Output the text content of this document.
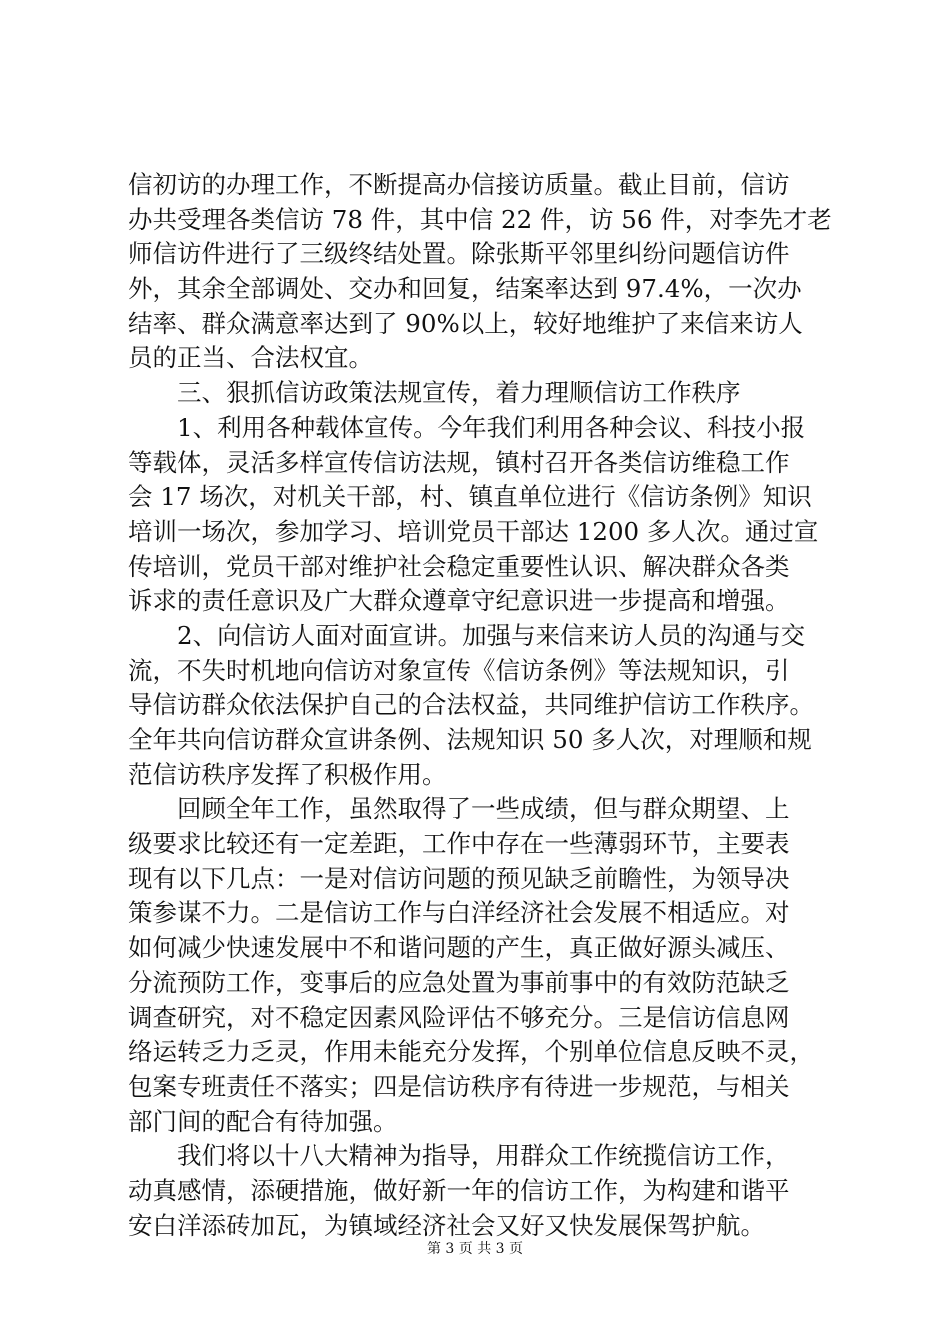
信初访的办理工作，不断提高办信接访质量。截止目前，信访
办共受理各类信访 78 件，其中信 22 件，访 56 件，对李先才老
师信访件进行了三级终结处置。除张斯平邻里纠纷问题信访件
外，其余全部调处、交办和回复，结案率达到 97.4%，一次办
结率、群众满意率达到了 90%以上，较好地维护了来信来访人
员的正当、合法权宜。
　　三、狠抓信访政策法规宣传，着力理顺信访工作秩序
　　1、利用各种载体宣传。今年我们利用各种会议、科技小报
等载体，灵活多样宣传信访法规，镇村召开各类信访维稳工作
会 17 场次，对机关干部，村、镇直单位进行《信访条例》知识
培训一场次，参加学习、培训党员干部达 1200 多人次。通过宣
传培训，党员干部对维护社会稳定重要性认识、解决群众各类
诉求的责任意识及广大群众遵章守纪意识进一步提高和增强。
　　2、向信访人面对面宣讲。加强与来信来访人员的沟通与交
流，不失时机地向信访对象宣传《信访条例》等法规知识，引
导信访群众依法保护自己的合法权益，共同维护信访工作秩序。
全年共向信访群众宣讲条例、法规知识 50 多人次，对理顺和规
范信访秩序发挥了积极作用。
　　回顾全年工作，虽然取得了一些成绩，但与群众期望、上
级要求比较还有一定差距，工作中存在一些薄弱环节，主要表
现有以下几点：一是对信访问题的预见缺乏前瞻性，为领导决
策参谋不力。二是信访工作与白洋经济社会发展不相适应。对
如何减少快速发展中不和谐问题的产生，真正做好源头减压、
分流预防工作，变事后的应急处置为事前事中的有效防范缺乏
调查研究，对不稳定因素风险评估不够充分。三是信访信息网
络运转乏力乏灵，作用未能充分发挥，个别单位信息反映不灵，
包案专班责任不落实；四是信访秩序有待进一步规范，与相关
部门间的配合有待加强。
　　我们将以十八大精神为指导，用群众工作统揽信访工作，
动真感情，添硬措施，做好新一年的信访工作，为构建和谐平
安白洋添砖加瓦，为镇域经济社会又好又快发展保驾护航。
第 3 页 共 3 页
